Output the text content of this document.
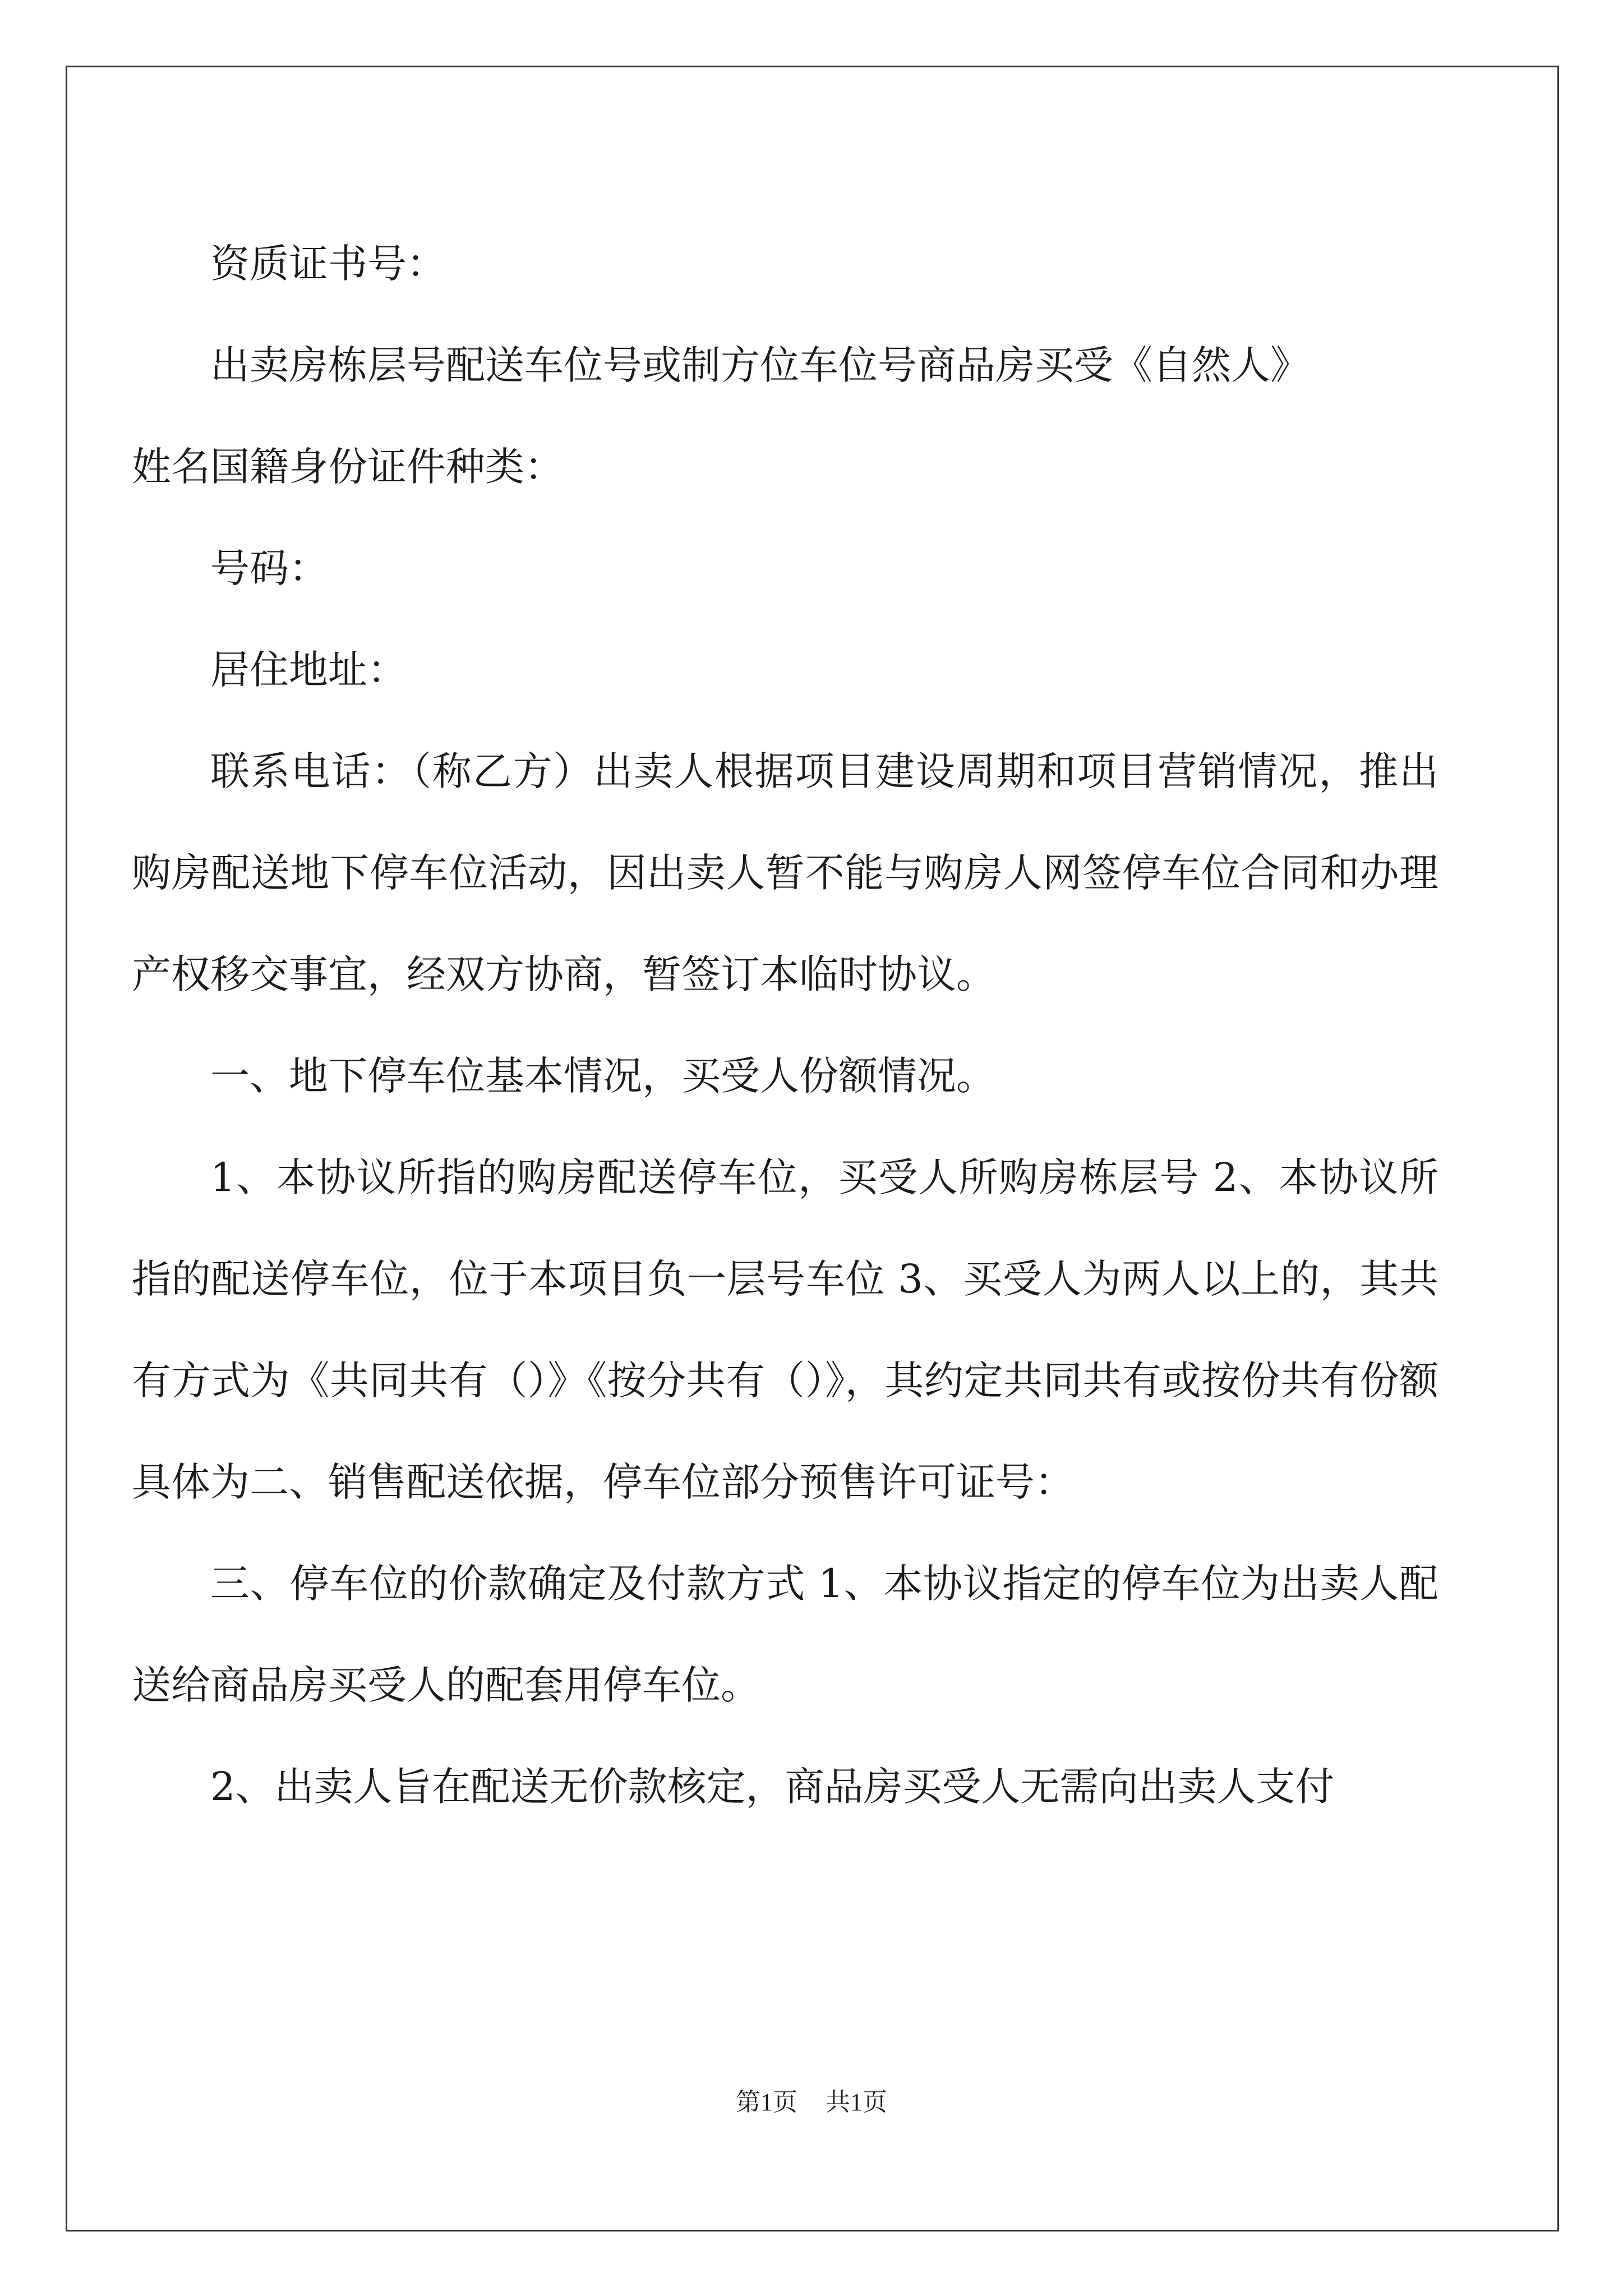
资质证书号：

出卖房栋层号配送车位号或制方位车位号商品房买受《自然人》

姓名国籍身份证件种类：

号码：

居住地址：

联系电话：（称乙方）出卖人根据项目建设周期和项目营销情况，推出购房配送地下停车位活动，因出卖人暂不能与购房人网签停车位合同和办理产权移交事宜，经双方协商，暂签订本临时协议。

一、地下停车位基本情况，买受人份额情况。

1、本协议所指的购房配送停车位，买受人所购房栋层号 2、本协议所指的配送停车位，位于本项目负一层号车位 3、买受人为两人以上的，其共有方式为《共同共有（）》《按分共有（）》，其约定共同共有或按份共有份额具体为二、销售配送依据，停车位部分预售许可证号：

三、停车位的价款确定及付款方式 1、本协议指定的停车位为出卖人配送给商品房买受人的配套用停车位。

2、出卖人旨在配送无价款核定，商品房买受人无需向出卖人支付

第1页 共1页
